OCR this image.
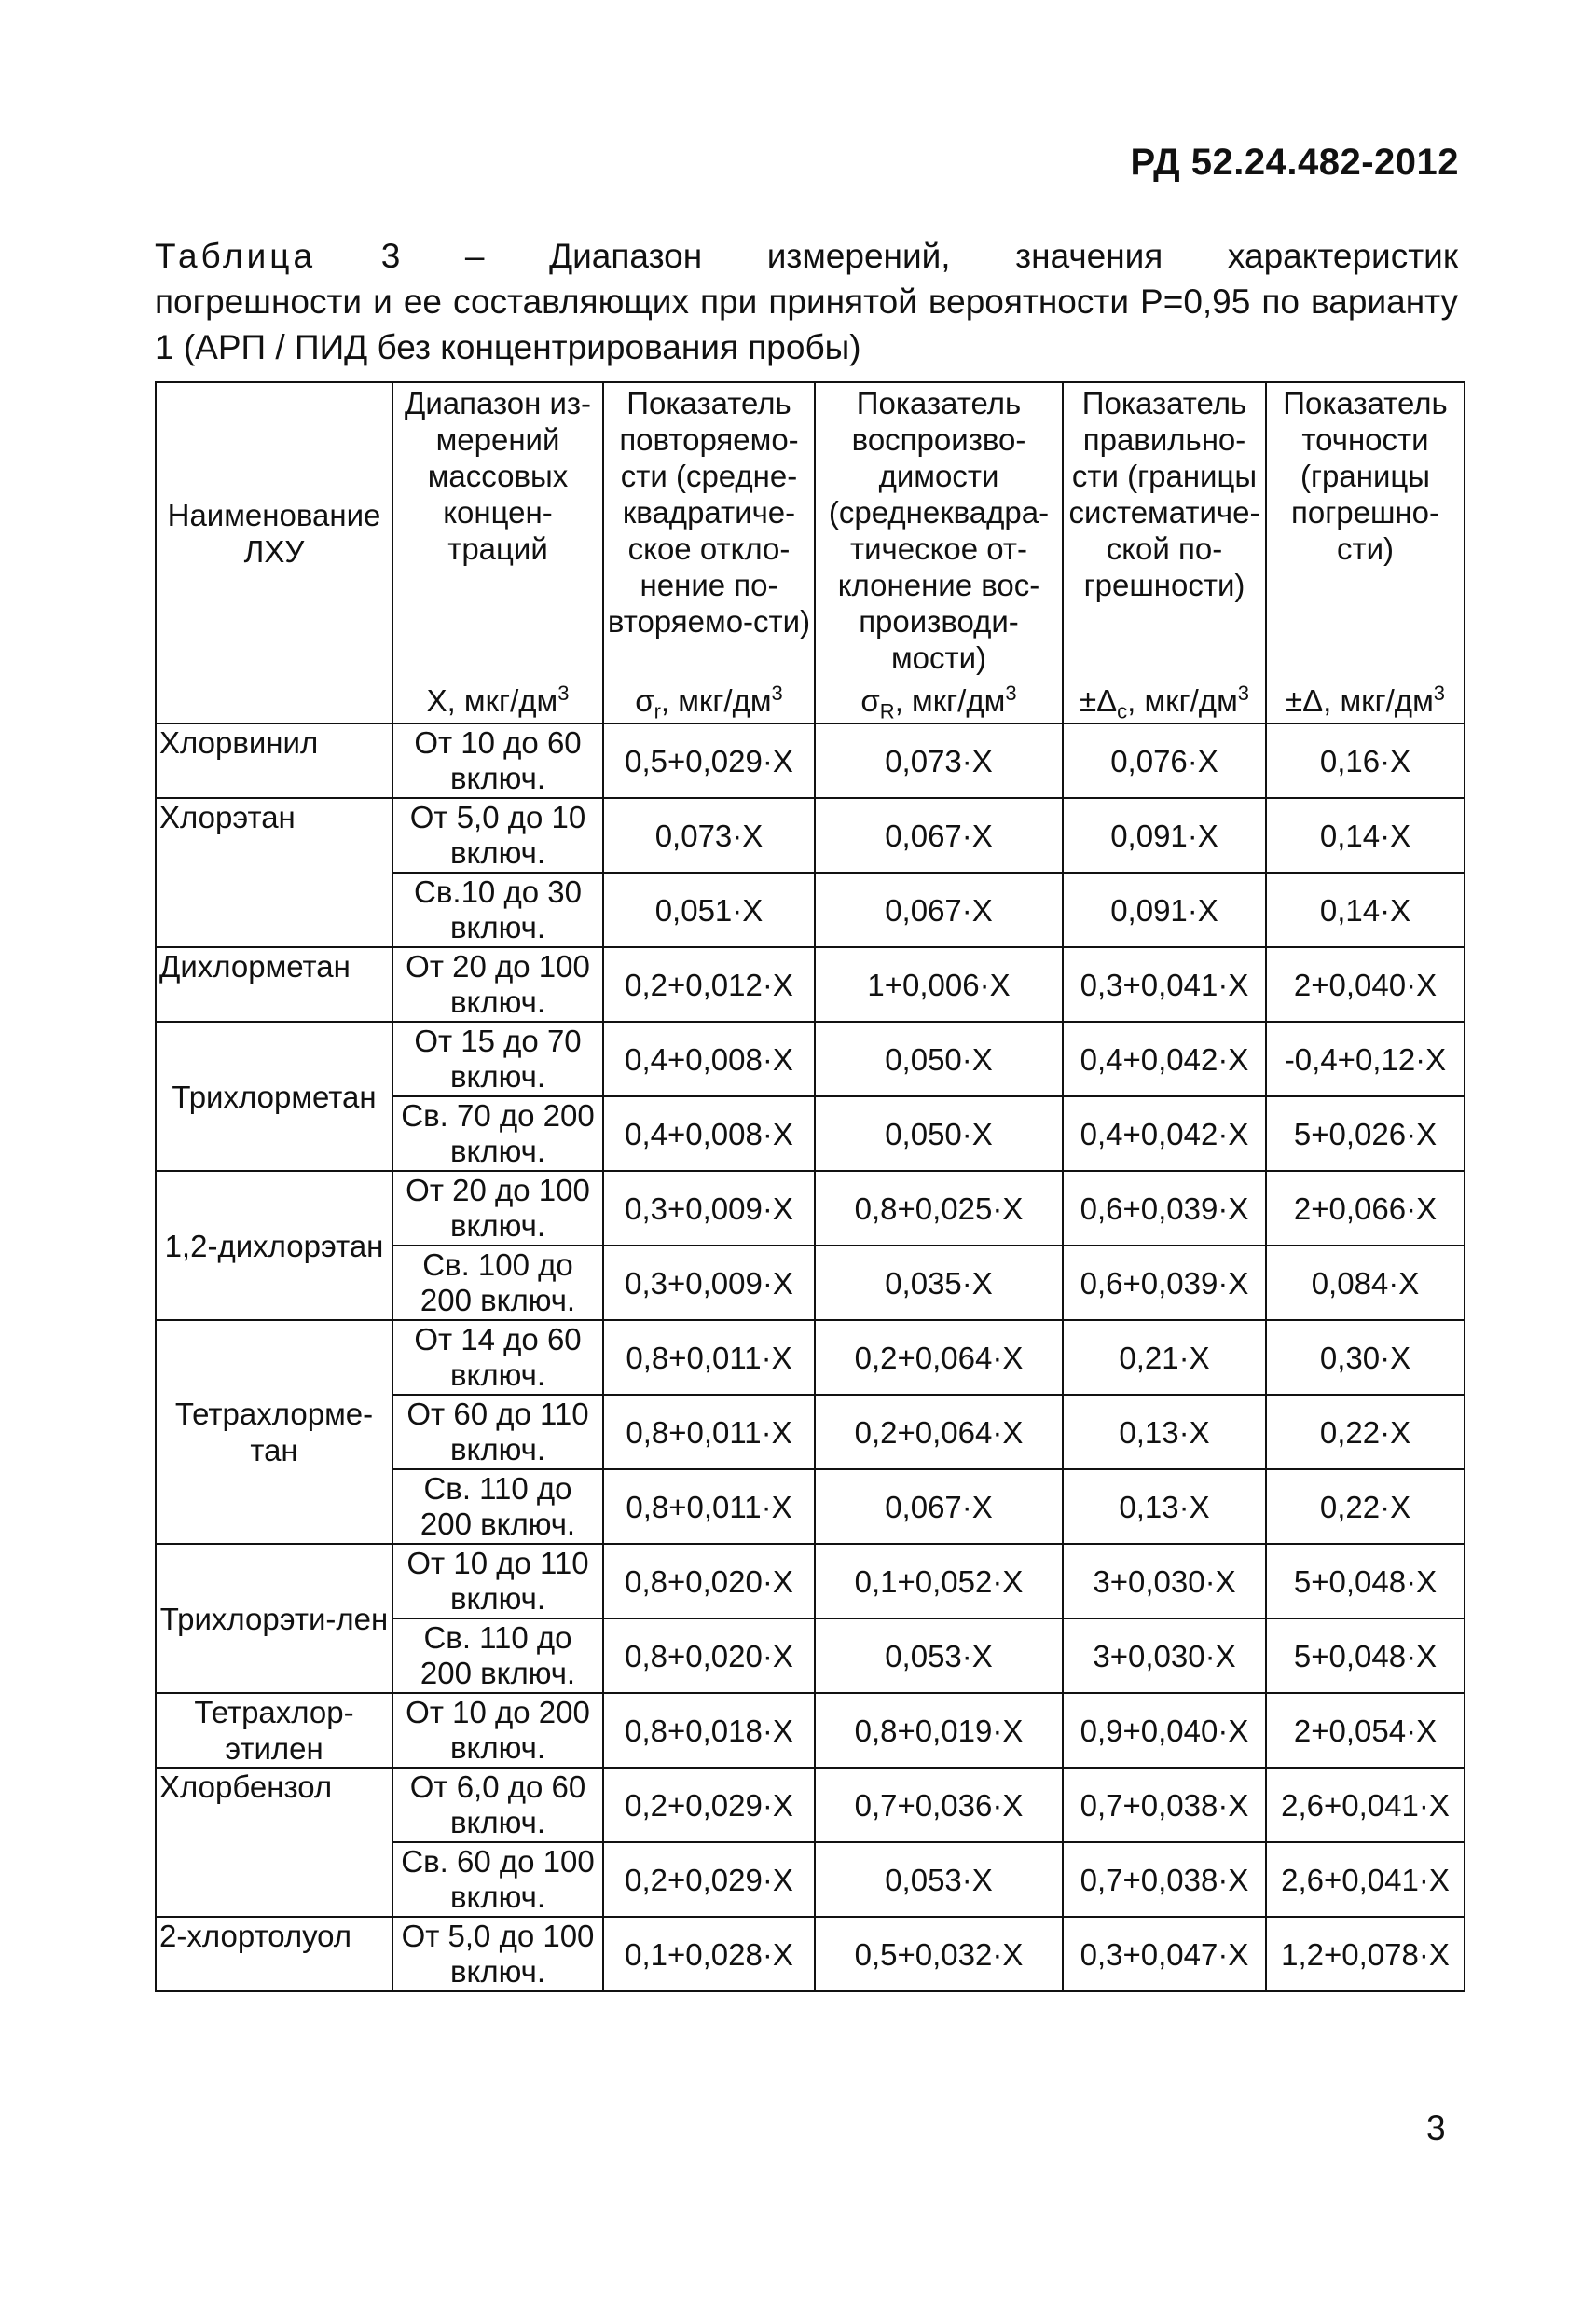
РД 52.24.482-2012
Таблица 3 – Диапазон измерений, значения характеристик
погрешности и ее составляющих при принятой вероятности Р=0,95 по варианту 1 (АРП / ПИД без концентрирования пробы)
Наименование ЛХУ	Диапазон из-мерений массовых концен-траций	Показатель повторяемо-сти (средне-квадратиче-ское откло-нение по-вторяемо-сти)	Показатель воспроизво-димости (среднеквадра-тическое от-клонение вос-производи-мости)	Показатель правильно-сти (границы систематиче-ской по-грешности)	Показатель точности (границы погрешно-сти)
	X, мкг/$дм^3$	$\sigma_r$, мкг/$дм^3$	$\sigma_R$, мкг/$дм^3$	$\pm\Delta_c$, мкг/$дм^3$	±Δ, мкг/$дм^3$
Хлорвинил	От 10 до 60 включ.	0,5+0,029·X	0,073·X	0,076·X	0,16·X
Хлорэтан	От 5,0 до 10 включ.	0,073·X	0,067·X	0,091·X	0,14·X
	Св.10 до 30 включ.	0,051·X	0,067·X	0,091·X	0,14·X
Дихлорметан	От 20 до 100 включ.	0,2+0,012·X	1+0,006·X	0,3+0,041·X	2+0,040·X
Трихлорметан	От 15 до 70 включ.	0,4+0,008·X	0,050·X	0,4+0,042·X	-0,4+0,12·X
	Св. 70 до 200 включ.	0,4+0,008·X	0,050·X	0,4+0,042·X	5+0,026·X
1,2-дихлорэтан	От 20 до 100 включ.	0,3+0,009·X	0,8+0,025·X	0,6+0,039·X	2+0,066·X
	Св. 100 до 200 включ.	0,3+0,009·X	0,035·X	0,6+0,039·X	0,084·X
Тетрахлорме-тан	От 14 до 60 включ.	0,8+0,011·X	0,2+0,064·X	0,21·X	0,30·X
	От 60 до 110 включ.	0,8+0,011·X	0,2+0,064·X	0,13·X	0,22·X
	Св. 110 до 200 включ.	0,8+0,011·X	0,067·X	0,13·X	0,22·X
Трихлорэти-лен	От 10 до 110 включ.	0,8+0,020·X	0,1+0,052·X	3+0,030·X	5+0,048·X
	Св. 110 до 200 включ.	0,8+0,020·X	0,053·X	3+0,030·X	5+0,048·X
Тетрахлор-этилен	От 10 до 200 включ.	0,8+0,018·X	0,8+0,019·X	0,9+0,040·X	2+0,054·X
Хлорбензол	От 6,0 до 60 включ.	0,2+0,029·X	0,7+0,036·X	0,7+0,038·X	2,6+0,041·X
	Св. 60 до 100 включ.	0,2+0,029·X	0,053·X	0,7+0,038·X	2,6+0,041·X
2-хлортолуол	От 5,0 до 100 включ.	0,1+0,028·X	0,5+0,032·X	0,3+0,047·X	1,2+0,078·X
3
